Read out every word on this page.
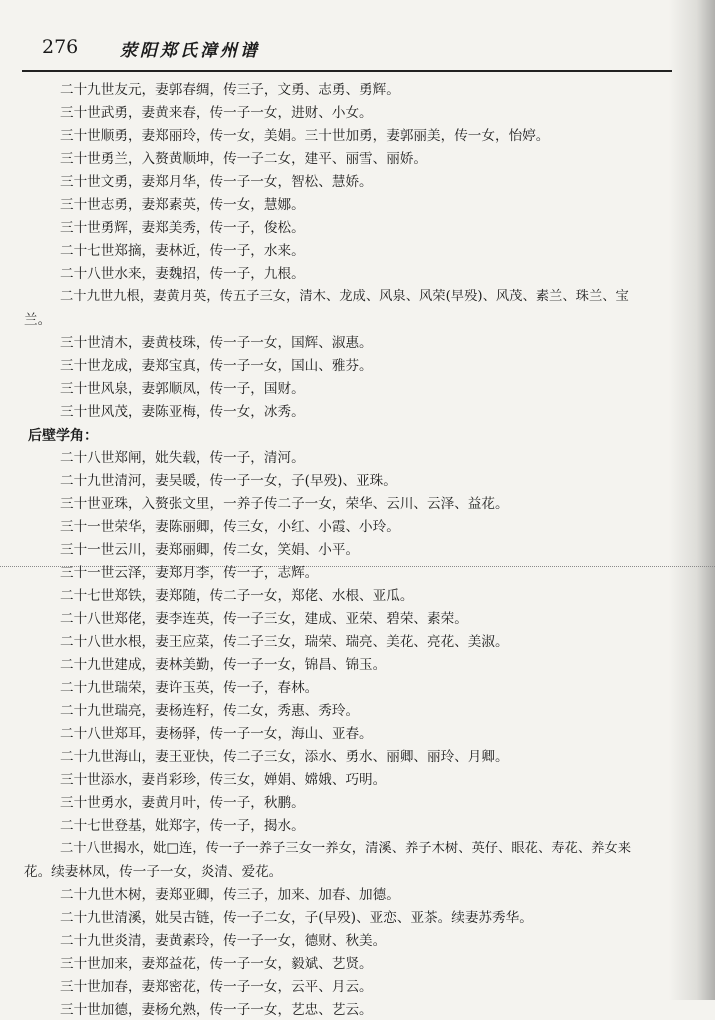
276 荥阳郑氏漳州谱
二十九世友元，妻郭春绸，传三子，文勇、志勇、勇辉。
三十世武勇，妻黄来春，传一子一女，进财、小女。
三十世顺勇，妻郑丽玲，传一女，美娟。三十世加勇，妻郭丽美，传一女，怡婷。
三十世勇兰，入赘黄顺坤，传一子二女，建平、丽雪、丽娇。
三十世文勇，妻郑月华，传一子一女，智松、慧娇。
三十世志勇，妻郑素英，传一女，慧娜。
三十世勇辉，妻郑美秀，传一子，俊松。
二十七世郑摘，妻林近，传一子，水来。
二十八世水来，妻魏招，传一子，九根。
二十九世九根，妻黄月英，传五子三女，清木、龙成、风泉、风荣(早殁)、风茂、素兰、珠兰、宝
兰。
三十世清木，妻黄枝珠，传一子一女，国辉、淑惠。
三十世龙成，妻郑宝真，传一子一女，国山、雅芬。
三十世风泉，妻郭顺凤，传一子，国财。
三十世风茂，妻陈亚梅，传一女，冰秀。
后壁学角：
二十八世郑闸，妣失载，传一子，清河。
二十九世清河，妻吴暖，传一子一女，子(早殁)、亚珠。
三十世亚珠，入赘张文里，一养子传二子一女，荣华、云川、云泽、益花。
三十一世荣华，妻陈丽卿，传三女，小红、小霞、小玲。
三十一世云川，妻郑丽卿，传二女，笑娟、小平。
三十一世云泽，妻郑月李，传一子，志辉。
二十七世郑铁，妻郑随，传二子一女，郑佬、水根、亚瓜。
二十八世郑佬，妻李连英，传一子三女，建成、亚荣、碧荣、素荣。
二十八世水根，妻王应菜，传二子三女，瑞荣、瑞亮、美花、亮花、美淑。
二十九世建成，妻林美勤，传一子一女，锦昌、锦玉。
二十九世瑞荣，妻许玉英，传一子，春林。
二十九世瑞亮，妻杨连籽，传二女，秀惠、秀玲。
二十八世郑耳，妻杨驿，传一子一女，海山、亚春。
二十九世海山，妻王亚快，传二子三女，添水、勇水、丽卿、丽玲、月卿。
三十世添水，妻肖彩珍，传三女，婵娟、嫦娥、巧明。
三十世勇水，妻黄月叶，传一子，秋鹏。
二十七世登基，妣郑字，传一子，揭水。
二十八世揭水，妣□连，传一子一养子三女一养女，清溪、养子木树、英仔、眼花、寿花、养女来
花。续妻林凤，传一子一女，炎清、爱花。
二十九世木树，妻郑亚卿，传三子，加来、加春、加德。
二十九世清溪，妣吴古链，传一子二女，子(早殁)、亚恋、亚茶。续妻苏秀华。
二十九世炎清，妻黄素玲，传一子一女，德财、秋美。
三十世加来，妻郑益花，传一子一女，毅斌、艺贤。
三十世加春，妻郑密花，传一子一女，云平、月云。
三十世加德，妻杨允熟，传一子一女，艺忠、艺云。
